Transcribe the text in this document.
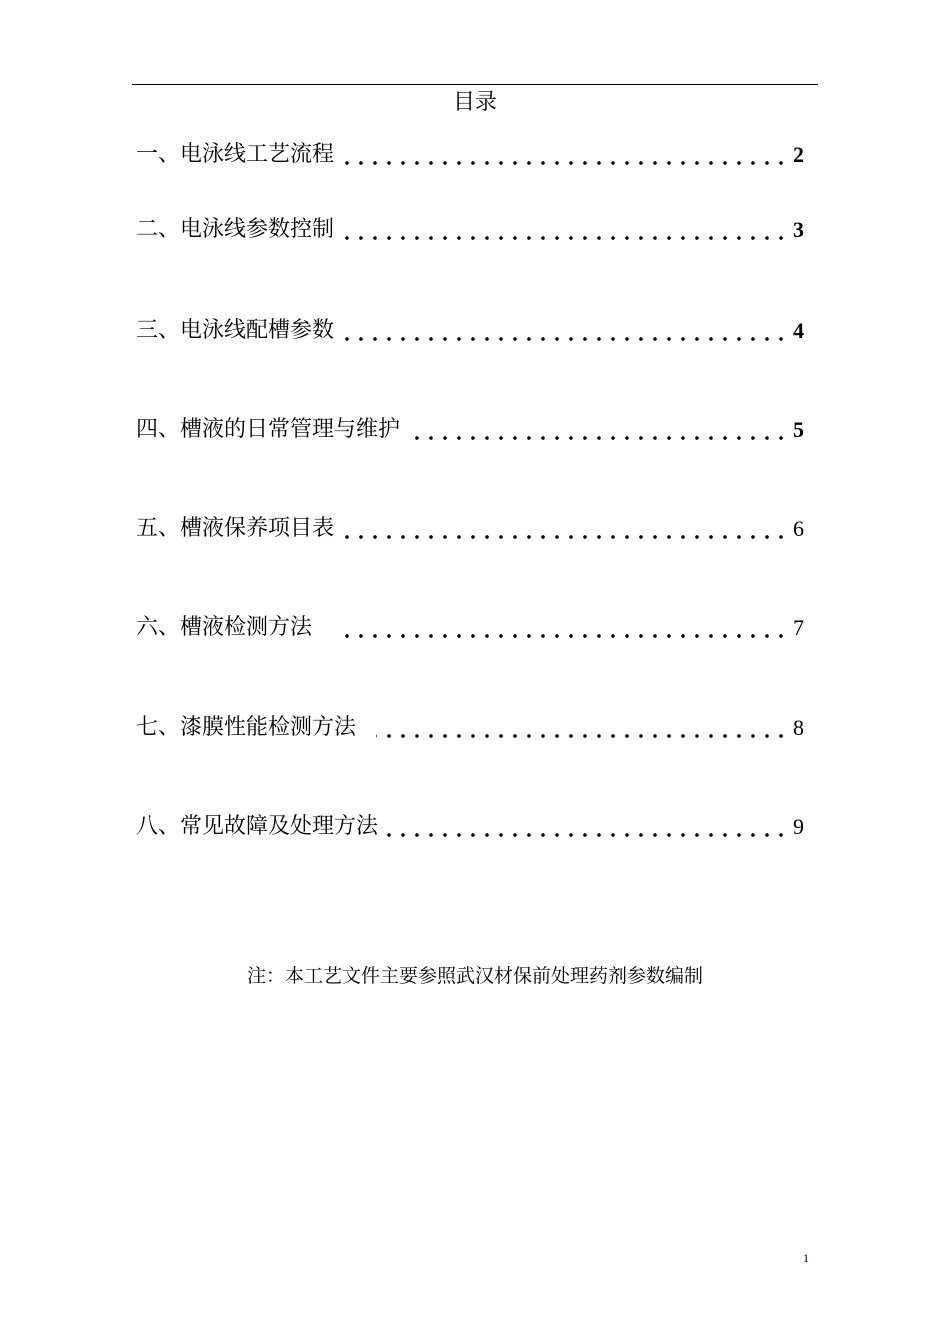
目录
一、电泳线工艺流程	2
二、电泳线参数控制	3
三、电泳线配槽参数	4
四、槽液的日常管理与维护	5
五、槽液保养项目表	6
六、槽液检测方法	7
七、漆膜性能检测方法	8
八、常见故障及处理方法	9
注：本工艺文件主要参照武汉材保前处理药剂参数编制
1
